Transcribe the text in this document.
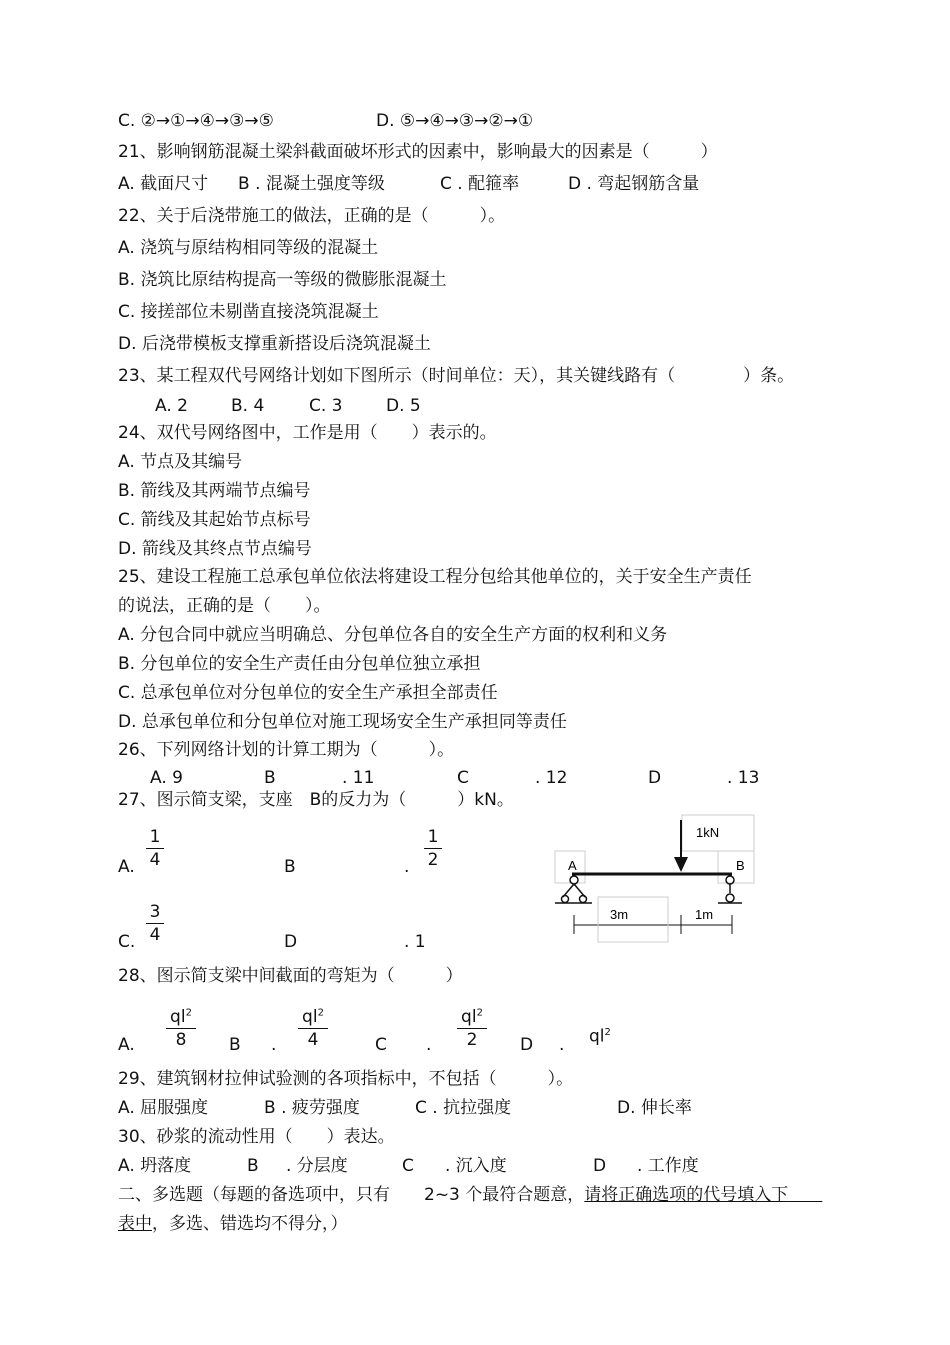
C. ②→①→④→③→⑤	D. ⑤→④→③→②→①
21、影响钢筋混凝土梁斜截面破坏形式的因素中，影响最大的因素是（　　　）
A. 截面尺寸 B . 混凝土强度等级	C . 配箍率	D . 弯起钢筋含量
22、关于后浇带施工的做法，正确的是（　　　）。
A. 浇筑与原结构相同等级的混凝土
B. 浇筑比原结构提高一等级的微膨胀混凝土
C. 接搓部位未剔凿直接浇筑混凝土
D. 后浇带模板支撑重新搭设后浇筑混凝土
23、某工程双代号网络计划如下图所示（时间单位：天），其关键线路有（　　　　）条。
A. 2	B. 4	C. 3	D. 5
24、双代号网络图中，工作是用（　　）表示的。
A. 节点及其编号
B. 箭线及其两端节点编号
C. 箭线及其起始节点标号
D. 箭线及其终点节点编号
25、建设工程施工总承包单位依法将建设工程分包给其他单位的，关于安全生产责任
的说法，正确的是（　　）。
A. 分包合同中就应当明确总、分包单位各自的安全生产方面的权利和义务
B. 分包单位的安全生产责任由分包单位独立承担
C. 总承包单位对分包单位的安全生产承担全部责任
D. 总承包单位和分包单位对施工现场安全生产承担同等责任
26、下列网络计划的计算工期为（　　　）。
A. 9	B	. 11	C	. 12	D	. 13
27、图示简支梁，支座　B的反力为（　　　）kN。
A.
1
4	B	.
1
2
3
4
C.	D	. 1
1kN
A	B
3m	1m
28、图示简支梁中间截面的弯矩为（　　　）
$ql^2$
8
A.	B .
$ql^2$
4	C .
$ql^2$
2	D . $ql^2$
29、建筑钢材拉伸试验测的各项指标中，不包括（　　　）。
A. 屈服强度	B . 疲劳强度	C . 抗拉强度	D. 伸长率
30、砂浆的流动性用（　　）表达。
A. 坍落度	B . 分层度	C . 沉入度	D . 工作度
二、多选题（每题的备选项中，只有　　2~3 个最符合题意，请将正确选项的代号填入下　　
表中，多选、错选均不得分，）
